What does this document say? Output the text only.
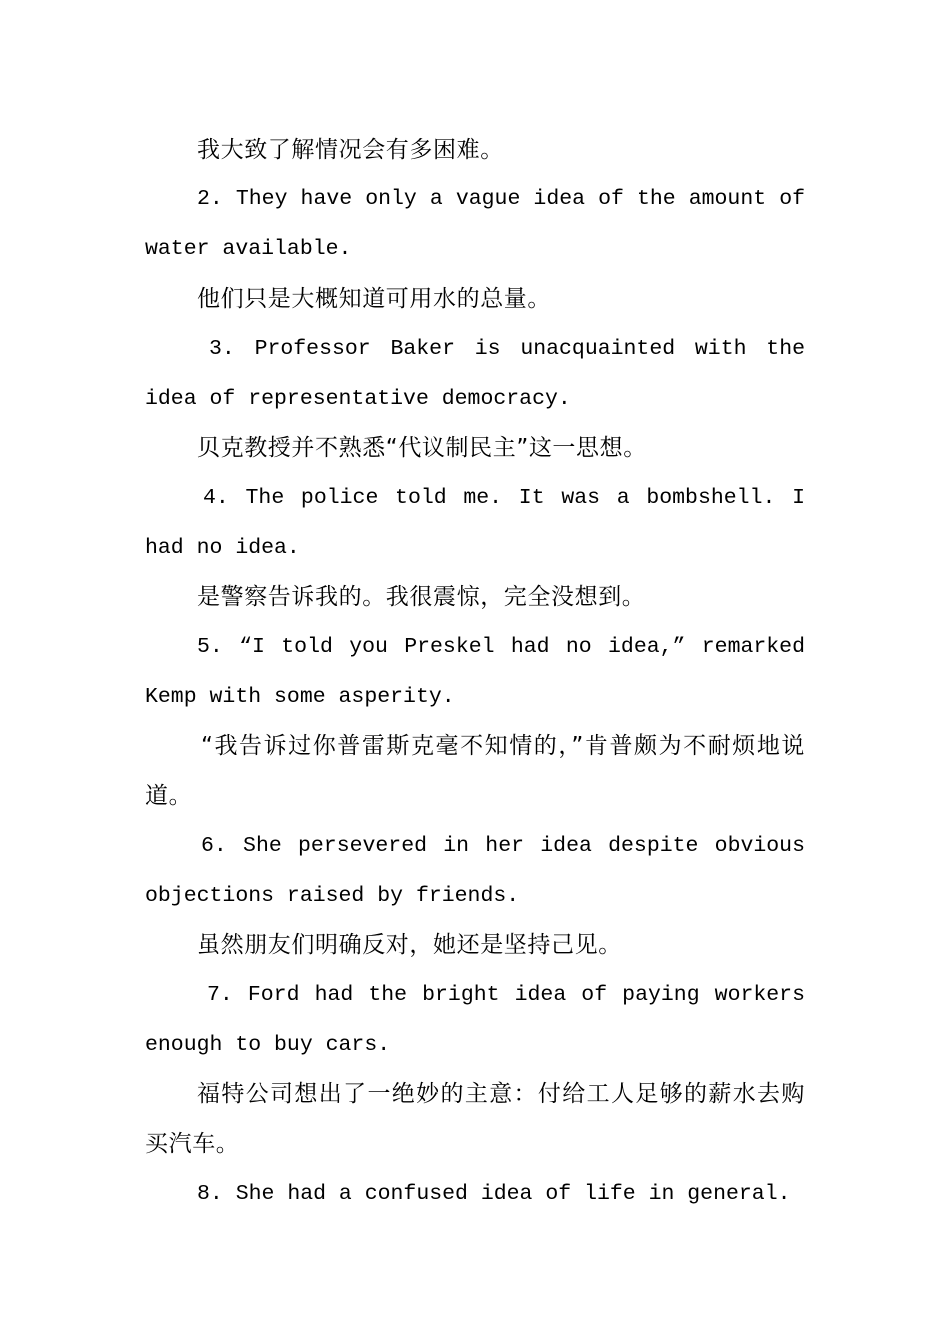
我大致了解情况会有多困难。

2. They have only a vague idea of the amount of water available.

他们只是大概知道可用水的总量。

3. Professor Baker is unacquainted with the idea of representative democracy.

贝克教授并不熟悉“代议制民主”这一思想。

4. The police told me. It was a bombshell. I had no idea.

是警察告诉我的。我很震惊，完全没想到。

5. “I told you Preskel had no idea,” remarked Kemp with some asperity.

“我告诉过你普雷斯克毫不知情的，”肯普颇为不耐烦地说道。

6. She persevered in her idea despite obvious objections raised by friends.

虽然朋友们明确反对，她还是坚持己见。

7. Ford had the bright idea of paying workers enough to buy cars.

福特公司想出了一绝妙的主意：付给工人足够的薪水去购买汽车。

8. She had a confused idea of life in general.
